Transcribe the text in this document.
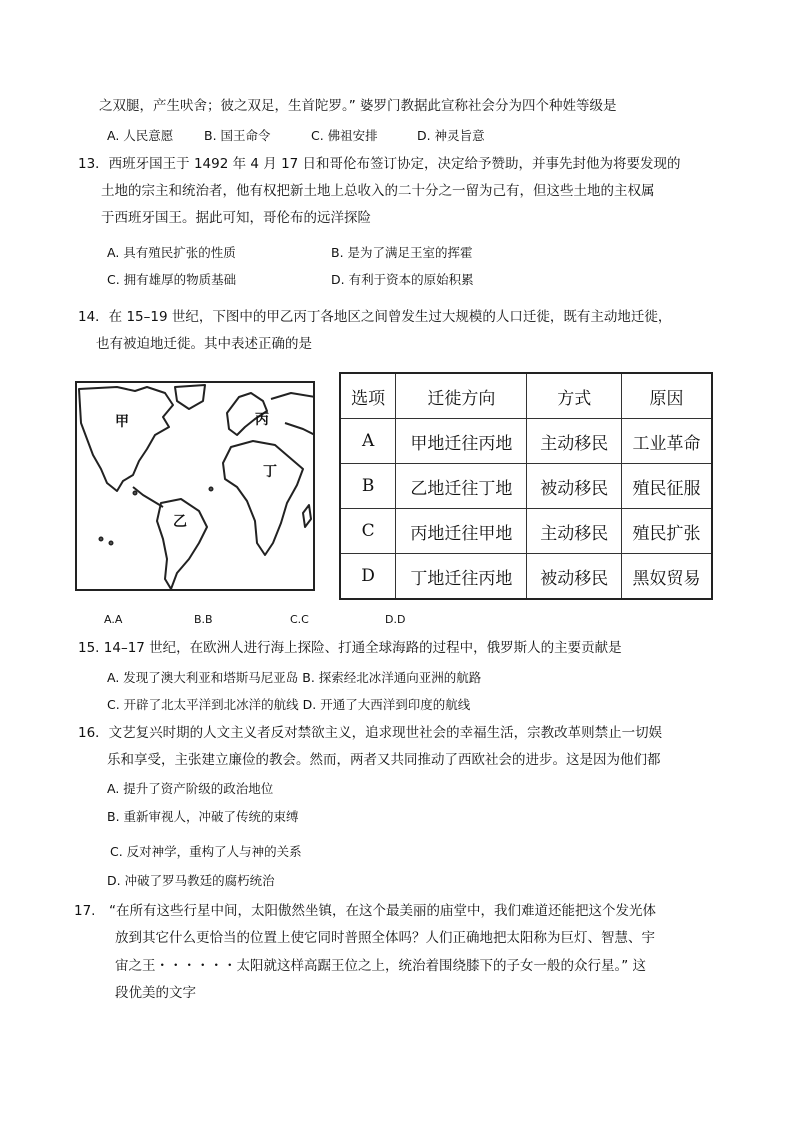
之双腿，产生吠舍；彼之双足，生首陀罗。” 婆罗门教据此宣称社会分为四个种姓等级是
A. 人民意愿 B. 国王命令	C. 佛祖安排	D. 神灵旨意
13．西班牙国王于 1492 年 4 月 17 日和哥伦布签订协定，决定给予赞助，并事先封他为将要发现的
土地的宗主和统治者，他有权把新土地上总收入的二十分之一留为己有，但这些土地的主权属
于西班牙国王。据此可知，哥伦布的远洋探险
A. 具有殖民扩张的性质	B. 是为了满足王室的挥霍
C. 拥有雄厚的物质基础	D. 有利于资本的原始积累
14．在 15–19 世纪，下图中的甲乙丙丁各地区之间曾发生过大规模的人口迁徙，既有主动地迁徙，
也有被迫地迁徙。其中表述正确的是
甲
乙
丙
丁
选项	迁徙方向	方式	原因
A	甲地迁往丙地	主动移民	工业革命
B	乙地迁往丁地	被动移民	殖民征服
C	丙地迁往甲地	主动移民	殖民扩张
D	丁地迁往丙地	被动移民	黑奴贸易
A.A	B.B	C.C	D.D
15. 14–17 世纪，在欧洲人进行海上探险、打通全球海路的过程中，俄罗斯人的主要贡献是
A. 发现了澳大利亚和塔斯马尼亚岛 B. 探索经北冰洋通向亚洲的航路
C. 开辟了北太平洋到北冰洋的航线 D. 开通了大西洋到印度的航线
16．文艺复兴时期的人文主义者反对禁欲主义，追求现世社会的幸福生活，宗教改革则禁止一切娱
乐和享受，主张建立廉俭的教会。然而，两者又共同推动了西欧社会的进步。这是因为他们都
A. 提升了资产阶级的政治地位
B. 重新审视人，冲破了传统的束缚
C. 反对神学，重构了人与神的关系
D. 冲破了罗马教廷的腐朽统治
17.　“在所有这些行星中间，太阳傲然坐镇，在这个最美丽的庙堂中，我们难道还能把这个发光体
放到其它什么更恰当的位置上使它同时普照全体吗？人们正确地把太阳称为巨灯、智慧、宇
宙之王・・・・・・太阳就这样高踞王位之上，统治着围绕膝下的子女一般的众行星。” 这
段优美的文字
